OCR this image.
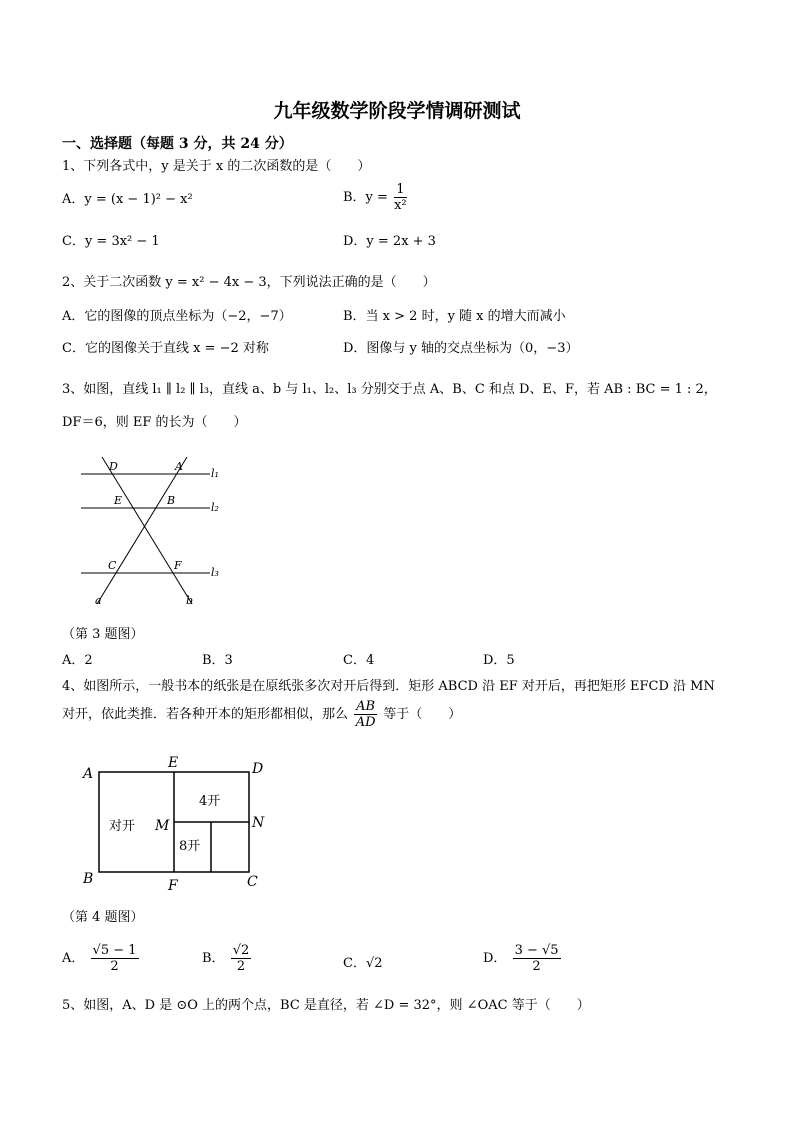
九年级数学阶段学情调研测试
一、选择题（每题 3 分，共 24 分）
1、下列各式中，y 是关于 x 的二次函数的是（　　）
A．y = (x − 1)² − x²	B．$y = \frac{1}{\text{x²}}$
C．y = 3x² − 1	D．y = 2x + 3
2、关于二次函数 y = x² − 4x − 3，下列说法正确的是（　　）
A．它的图像的顶点坐标为（−2，−7）	B．当 x > 2 时，y 随 x 的增大而减小
C．它的图像关于直线 x = −2 对称	D．图像与 y 轴的交点坐标为（0，−3）
3、如图，直线 l₁ ∥ l₂ ∥ l₃，直线 a、b 与 l₁、l₂、l₃ 分别交于点 A、B、C 和点 D、E、F，若 AB : BC = 1 : 2，
DF＝6，则 EF 的长为（　　）
D	A
E	B
C	F
a	b
l₁
l₂
l₃
（第 3 题图）
A．2	B．3	C．4	D．5
4、如图所示，一般书本的纸张是在原纸张多次对开后得到．矩形 ABCD 沿 EF 对开后，再把矩形 EFCD 沿 MN
对开，依此类推．若各种开本的矩形都相似，那么 $\frac{AB}{AD}$ 等于（　　）
A
E	D
B	F	C
M	N
对开
4开
8开
（第 4 题图）
A． $\frac{√5 - 1}{2}$	B． $\frac{√2}{2}$	C．√2	D． $\frac{3 - √5}{2}$
5、如图，A、D 是 ⊙O 上的两个点，BC 是直径，若 ∠D = 32°，则 ∠OAC 等于（　　）
